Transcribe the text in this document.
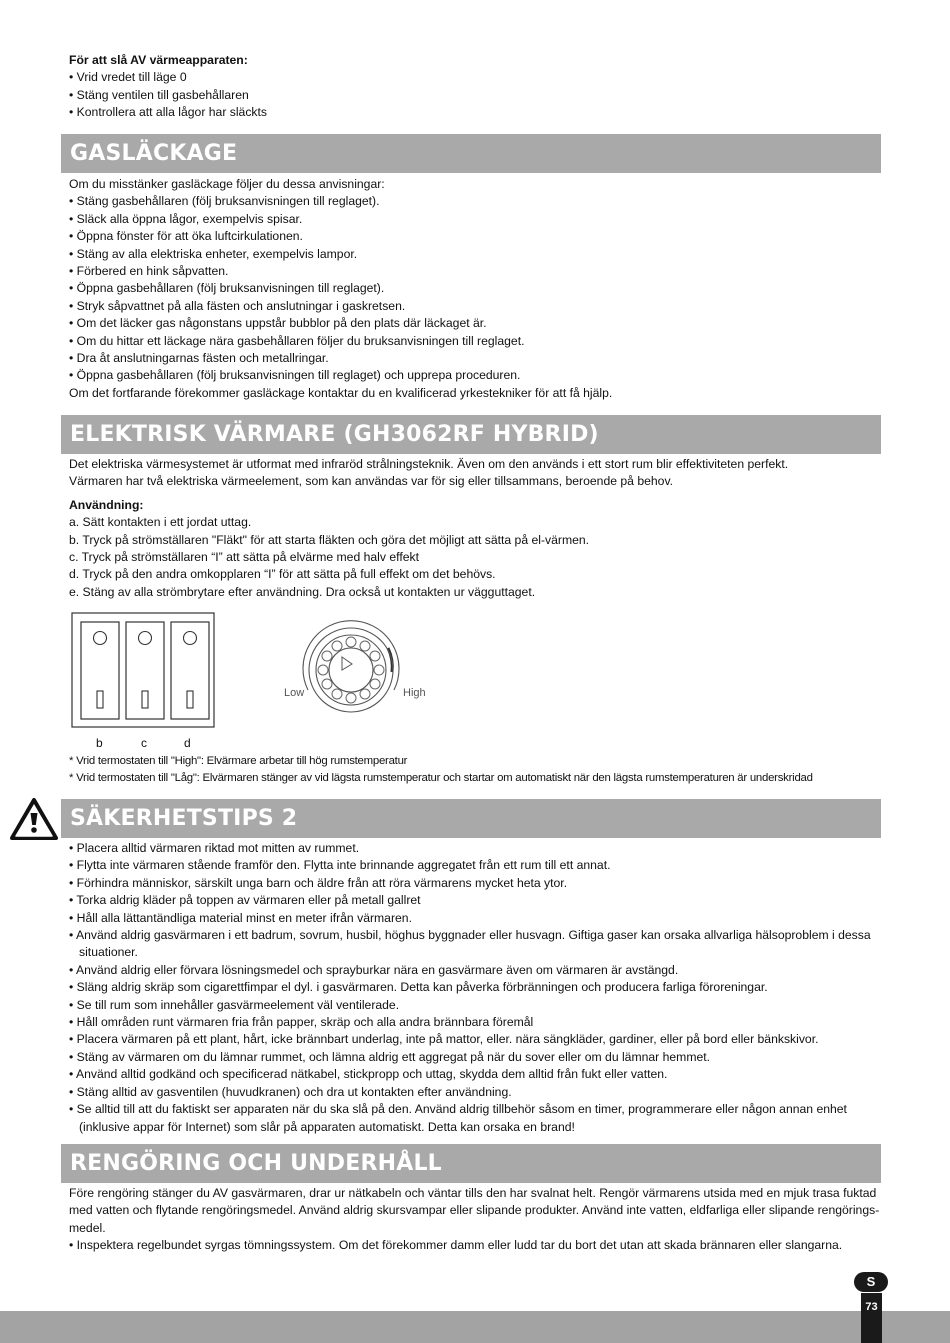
För att slå AV värmeapparaten:
• Vrid vredet till läge 0
• Stäng ventilen till gasbehållaren
• Kontrollera att alla lågor har släckts
GASLÄCKAGE
Om du misstänker gasläckage följer du dessa anvisningar:
• Stäng gasbehållaren (följ bruksanvisningen till reglaget).
• Släck alla öppna lågor, exempelvis spisar.
• Öppna fönster för att öka luftcirkulationen.
• Stäng av alla elektriska enheter, exempelvis lampor.
• Förbered en hink såpvatten.
• Öppna gasbehållaren (följ bruksanvisningen till reglaget).
• Stryk såpvattnet på alla fästen och anslutningar i gaskretsen.
• Om det läcker gas någonstans uppstår bubblor på den plats där läckaget är.
• Om du hittar ett läckage nära gasbehållaren följer du bruksanvisningen till reglaget.
• Dra åt anslutningarnas fästen och metallringar.
• Öppna gasbehållaren (följ bruksanvisningen till reglaget) och upprepa proceduren.
Om det fortfarande förekommer gasläckage kontaktar du en kvalificerad yrkestekniker för att få hjälp.
ELEKTRISK VÄRMARE (GH3062RF HYBRID)
Det elektriska värmesystemet är utformat med infraröd strålningsteknik. Även om den används i ett stort rum blir effektiviteten perfekt.
Värmaren har två elektriska värmeelement, som kan användas var för sig eller tillsammans, beroende på behov.
Användning:
a. Sätt kontakten i ett jordat uttag.
b. Tryck på strömställaren "Fläkt" för att starta fläkten och göra det möjligt att sätta på el-värmen.
c. Tryck på strömställaren “I” att sätta på elvärme med halv effekt
d. Tryck på den andra omkopplaren “I” för att sätta på full effekt om det behövs.
e. Stäng av alla strömbrytare efter användning. Dra också ut kontakten ur vägguttaget.
b	c	d
Low	High
* Vrid termostaten till "High": Elvärmare arbetar till hög rumstemperatur
* Vrid termostaten till "Låg": Elvärmaren stänger av vid lägsta rumstemperatur och startar om automatiskt när den lägsta rumstemperaturen är underskridad
SÄKERHETSTIPS 2
• Placera alltid värmaren riktad mot mitten av rummet.
• Flytta inte värmaren stående framför den. Flytta inte brinnande aggregatet från ett rum till ett annat.
• Förhindra människor, särskilt unga barn och äldre från att röra värmarens mycket heta ytor.
• Torka aldrig kläder på toppen av värmaren eller på metall gallret
• Håll alla lättantändliga material minst en meter ifrån värmaren.
• Använd aldrig gasvärmaren i ett badrum, sovrum, husbil, höghus byggnader eller husvagn. Giftiga gaser kan orsaka allvarliga hälsoproblem i dessa situationer.
• Använd aldrig eller förvara lösningsmedel och sprayburkar nära en gasvärmare även om värmaren är avstängd.
• Släng aldrig skräp som cigarettfimpar el dyl. i gasvärmaren. Detta kan påverka förbränningen och producera farliga föroreningar.
• Se till rum som innehåller gasvärmeelement väl ventilerade.
• Håll områden runt värmaren fria från papper, skräp och alla andra brännbara föremål
• Placera värmaren på ett plant, hårt, icke brännbart underlag, inte på mattor, eller. nära sängkläder, gardiner, eller på bord eller bänkskivor.
• Stäng av värmaren om du lämnar rummet, och lämna aldrig ett aggregat på när du sover eller om du lämnar hemmet.
• Använd alltid godkänd och specificerad nätkabel, stickpropp och uttag, skydda dem alltid från fukt eller vatten.
• Stäng alltid av gasventilen (huvudkranen) och dra ut kontakten efter användning.
• Se alltid till att du faktiskt ser apparaten när du ska slå på den. Använd aldrig tillbehör såsom en timer, programmerare eller någon annan enhet (inklusive appar för Internet) som slår på apparaten automatiskt. Detta kan orsaka en brand!
RENGÖRING OCH UNDERHÅLL
Före rengöring stänger du AV gasvärmaren, drar ur nätkabeln och väntar tills den har svalnat helt. Rengör värmarens utsida med en mjuk trasa fuktad med vatten och flytande rengöringsmedel. Använd aldrig skursvampar eller slipande produkter. Använd inte vatten, eldfarliga eller slipande rengörings-medel.
• Inspektera regelbundet syrgas tömningssystem. Om det förekommer damm eller ludd tar du bort det utan att skada brännaren eller slangarna.
73
S
